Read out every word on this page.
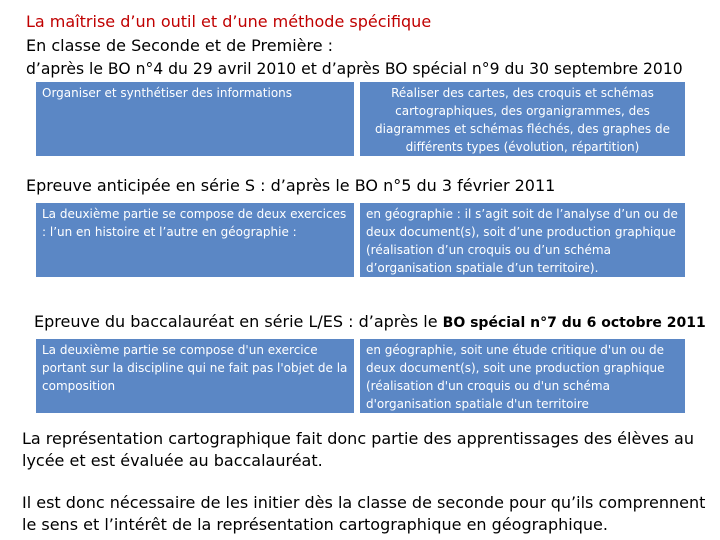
La maîtrise d’un outil et d’une méthode spécifique
En classe de Seconde et de Première :
d’après le BO n°4 du 29 avril 2010 et d’après BO spécial n°9 du 30 septembre 2010
Organiser et synthétiser des informations	Réaliser des cartes, des croquis et schémas cartographiques, des organigrammes, des diagrammes et schémas fléchés, des graphes de différents types (évolution, répartition)
Epreuve anticipée en série S : d’après le BO n°5 du 3 février 2011
La deuxième partie se compose de deux exercices : l’un en histoire et l’autre en géographie :
en géographie : il s’agit soit de l’analyse d’un ou de deux document(s), soit d’une production graphique (réalisation d’un croquis ou d’un schéma d’organisation spatiale d’un territoire).
Epreuve du baccalauréat en série L/ES : d’après le BO spécial n°7 du 6 octobre 2011
La deuxième partie se compose d'un exercice portant sur la discipline qui ne fait pas l'objet de la composition
en géographie, soit une étude critique d'un ou de deux document(s), soit une production graphique (réalisation d'un croquis ou d'un schéma d'organisation spatiale d'un territoire
La représentation cartographique fait donc partie des apprentissages des élèves au lycée et est évaluée au baccalauréat.
Il est donc nécessaire de les initier dès la classe de seconde pour qu’ils comprennent le sens et l’intérêt de la représentation cartographique en géographique.
